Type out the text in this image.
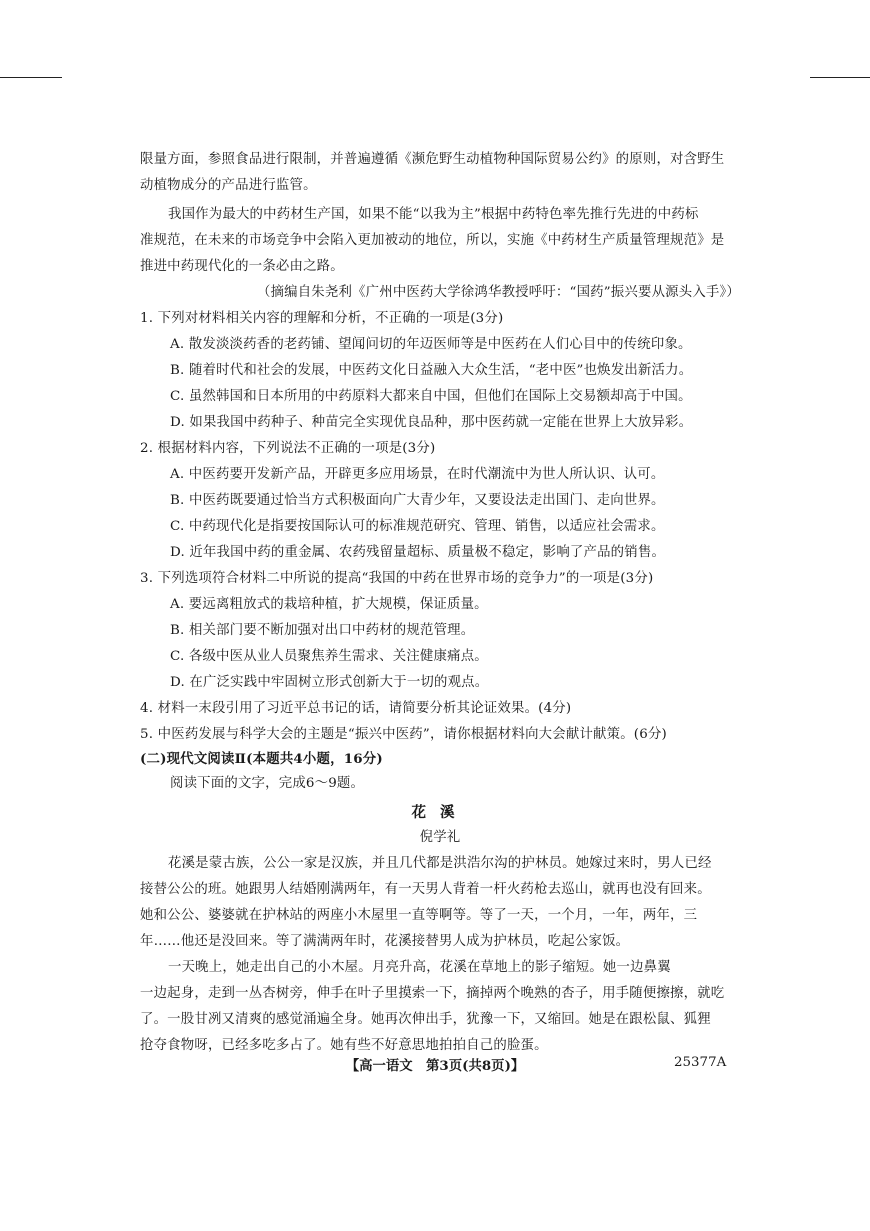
限量方面，参照食品进行限制，并普遍遵循《濒危野生动植物种国际贸易公约》的原则，对含野生
动植物成分的产品进行监管。
我国作为最大的中药材生产国，如果不能“以我为主”根据中药特色率先推行先进的中药标
准规范，在未来的市场竞争中会陷入更加被动的地位，所以，实施《中药材生产质量管理规范》是
推进中药现代化的一条必由之路。
（摘编自朱尧利《广州中医药大学徐鸿华教授呼吁：“国药”振兴要从源头入手》）
1. 下列对材料相关内容的理解和分析，不正确的一项是(3分)
A. 散发淡淡药香的老药铺、望闻问切的年迈医师等是中医药在人们心目中的传统印象。
B. 随着时代和社会的发展，中医药文化日益融入大众生活，“老中医”也焕发出新活力。
C. 虽然韩国和日本所用的中药原料大都来自中国，但他们在国际上交易额却高于中国。
D. 如果我国中药种子、种苗完全实现优良品种，那中医药就一定能在世界上大放异彩。
2. 根据材料内容，下列说法不正确的一项是(3分)
A. 中医药要开发新产品，开辟更多应用场景，在时代潮流中为世人所认识、认可。
B. 中医药既要通过恰当方式积极面向广大青少年，又要设法走出国门、走向世界。
C. 中药现代化是指要按国际认可的标准规范研究、管理、销售，以适应社会需求。
D. 近年我国中药的重金属、农药残留量超标、质量极不稳定，影响了产品的销售。
3. 下列选项符合材料二中所说的提高“我国的中药在世界市场的竞争力”的一项是(3分)
A. 要远离粗放式的栽培种植，扩大规模，保证质量。
B. 相关部门要不断加强对出口中药材的规范管理。
C. 各级中医从业人员聚焦养生需求、关注健康痛点。
D. 在广泛实践中牢固树立形式创新大于一切的观点。
4. 材料一末段引用了习近平总书记的话，请简要分析其论证效果。(4分)
5. 中医药发展与科学大会的主题是“振兴中医药”，请你根据材料向大会献计献策。(6分)
(二)现代文阅读Ⅱ(本题共4小题，16分)
阅读下面的文字，完成6～9题。
花溪
倪学礼
花溪是蒙古族，公公一家是汉族，并且几代都是洪浩尔沟的护林员。她嫁过来时，男人已经
接替公公的班。她跟男人结婚刚满两年，有一天男人背着一杆火药枪去巡山，就再也没有回来。
她和公公、婆婆就在护林站的两座小木屋里一直等啊等。等了一天，一个月，一年，两年，三
年……他还是没回来。等了满满两年时，花溪接替男人成为护林员，吃起公家饭。
一天晚上，她走出自己的小木屋。月亮升高，花溪在草地上的影子缩短。她一边鼻翼
一边起身，走到一丛杏树旁，伸手在叶子里摸索一下，摘掉两个晚熟的杏子，用手随便擦擦，就吃
了。一股甘冽又清爽的感觉涌遍全身。她再次伸出手，犹豫一下，又缩回。她是在跟松鼠、狐狸
抢夺食物呀，已经多吃多占了。她有些不好意思地拍拍自己的脸蛋。
【高一语文　第3页(共8页)】	25377A
